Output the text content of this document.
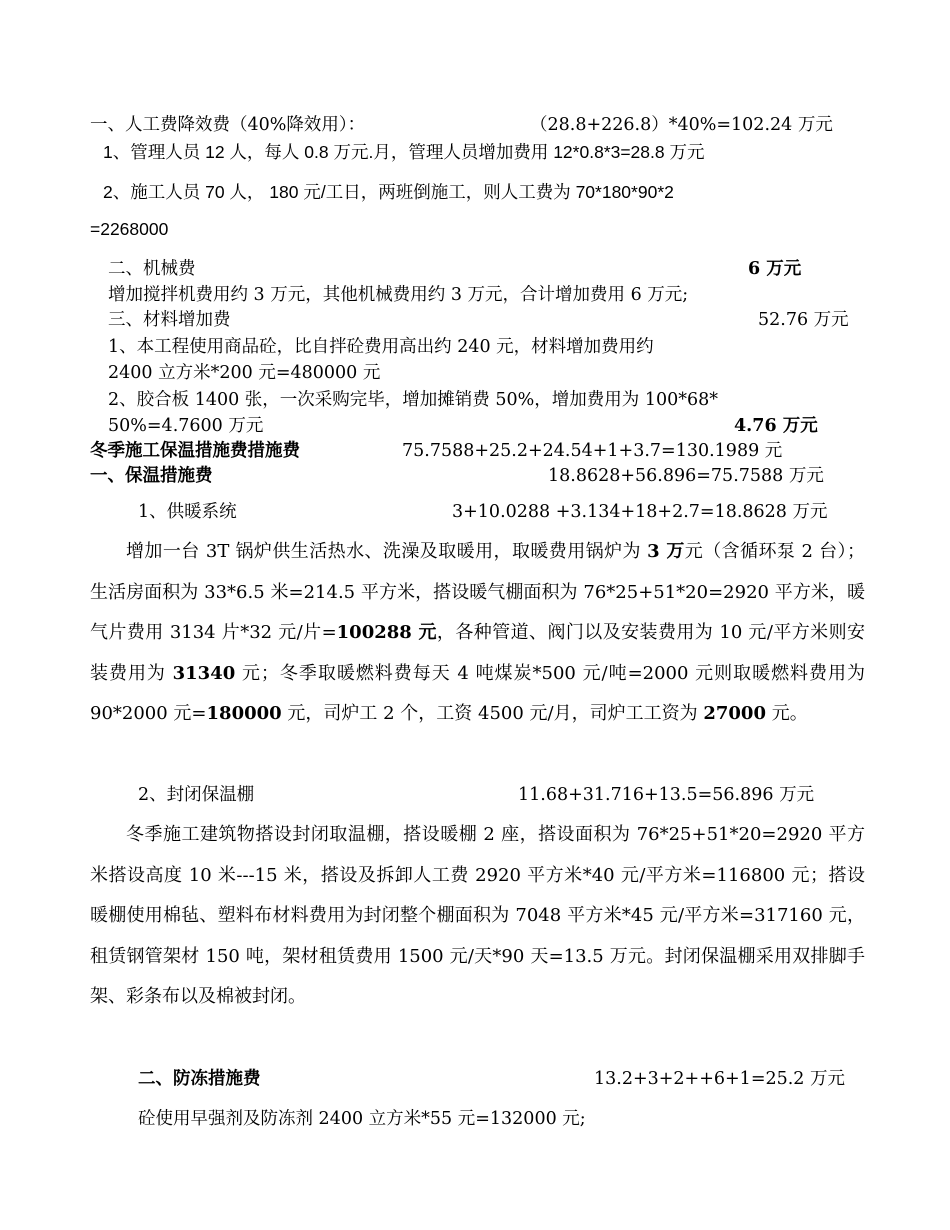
一、人工费降效费（40%降效用）：	（28.8+226.8）*40%=102.24 万元
1、管理人员 12 人，每人 0.8 万元.月，管理人员增加费用 12*0.8*3=28.8 万元
2、施工人员 70 人， 180 元/工日，两班倒施工，则人工费为 70*180*90*2
=2268000
二、机械费	6 万元
增加搅拌机费用约 3 万元，其他机械费用约 3 万元，合计增加费用 6 万元;
三、材料增加费	52.76 万元
1、本工程使用商品砼，比自拌砼费用高出约 240 元，材料增加费用约
2400 立方米*200 元=480000 元
2、胶合板 1400 张，一次采购完毕，增加摊销费 50%，增加费用为 100*68*
50%=4.7600 万元	4.76 万元
冬季施工保温措施费措施费	75.7588+25.2+24.54+1+3.7=130.1989 元
一、保温措施费	18.8628+56.896=75.7588 万元
1、供暖系统	3+10.0288 +3.134+18+2.7=18.8628 万元
增加一台 3T 锅炉供生活热水、洗澡及取暖用，取暖费用锅炉为 3 万元（含循环泵 2 台）；生活房面积为 33*6.5 米=214.5 平方米，搭设暖气棚面积为 76*25+51*20=2920 平方米，暖气片费用 3134 片*32 元/片=100288 元，各种管道、阀门以及安装费用为 10 元/平方米则安装费用为 31340 元；冬季取暖燃料费每天 4 吨煤炭*500 元/吨=2000 元则取暖燃料费用为 90*2000 元=180000 元，司炉工 2 个，工资 4500 元/月，司炉工工资为 27000 元。
2、封闭保温棚	11.68+31.716+13.5=56.896 万元
冬季施工建筑物搭设封闭取温棚，搭设暖棚 2 座，搭设面积为 76*25+51*20=2920 平方米搭设高度 10 米---15 米，搭设及拆卸人工费 2920 平方米*40 元/平方米=116800 元；搭设暖棚使用棉毡、塑料布材料费用为封闭整个棚面积为 7048 平方米*45 元/平方米=317160 元，租赁钢管架材 150 吨，架材租赁费用 1500 元/天*90 天=13.5 万元。封闭保温棚采用双排脚手架、彩条布以及棉被封闭。
二、防冻措施费	13.2+3+2++6+1=25.2 万元
砼使用早强剂及防冻剂 2400 立方米*55 元=132000 元;
